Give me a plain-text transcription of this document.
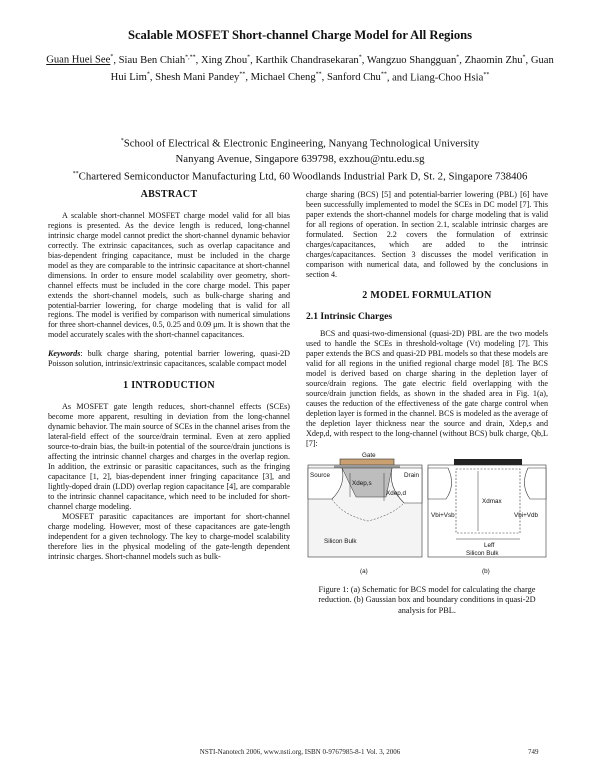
Scalable MOSFET Short-channel Charge Model for All Regions
Guan Huei See*, Siau Ben Chiah*,**, Xing Zhou*, Karthik Chandrasekaran*, Wangzuo Shangguan*, Zhaomin Zhu*, Guan Hui Lim*, Shesh Mani Pandey**, Michael Cheng**, Sanford Chu**, and Liang-Choo Hsia**
*School of Electrical & Electronic Engineering, Nanyang Technological University
Nanyang Avenue, Singapore 639798, exzhou@ntu.edu.sg
**Chartered Semiconductor Manufacturing Ltd, 60 Woodlands Industrial Park D, St. 2, Singapore 738406
ABSTRACT

A scalable short-channel MOSFET charge model valid for all bias regions is presented. As the device length is reduced, long-channel intrinsic charge model cannot predict the short-channel dynamic behavior correctly. The extrinsic capacitances, such as overlap capacitance and bias-dependent fringing capacitance, must be included in the charge model as they are comparable to the intrinsic capacitance at short-channel dimensions. In order to ensure model scalability over geometry, short-channel effects must be included in the core charge model. This paper extends the short-channel models, such as bulk-charge sharing and potential-barrier lowering, for charge modeling that is valid for all regions. The model is verified by comparison with numerical simulations for three short-channel devices, 0.5, 0.25 and 0.09 μm. It is shown that the model accurately scales with the short-channel capacitances.

Keywords: bulk charge sharing, potential barrier lowering, quasi-2D Poisson solution, intrinsic/extrinsic capacitances, scalable compact model

1 INTRODUCTION

As MOSFET gate length reduces, short-channel effects (SCEs) become more apparent, resulting in deviation from the long-channel dynamic behavior. The main source of SCEs in the channel arises from the lateral-field effect of the source/drain terminal. Even at zero applied source-to-drain bias, the built-in potential of the source/drain junctions is affecting the intrinsic channel charges and charges in the overlap region. In addition, the extrinsic or parasitic capacitances, such as the fringing capacitance [1, 2], bias-dependent inner fringing capacitance [3], and lightly-doped drain (LDD) overlap region capacitance [4], are comparable to the intrinsic channel capacitance, which need to be included for short-channel charge modeling.

MOSFET parasitic capacitances are important for short-channel charge modeling. However, most of these capacitances are gate-length independent for a given technology. The key to charge-model scalability therefore lies in the physical modeling of the gate-length dependent intrinsic charges. Short-channel models such as bulk-

charge sharing (BCS) [5] and potential-barrier lowering (PBL) [6] have been successfully implemented to model the SCEs in DC model [7]. This paper extends the short-channel models for charge modeling that is valid for all regions of operation. In section 2.1, scalable intrinsic charges are formulated. Section 2.2 covers the formulation of extrinsic charges/capacitances, which are added to the intrinsic charges/capacitances. Section 3 discusses the model verification in comparison with numerical data, and followed by the conclusions in section 4.

2 MODEL FORMULATION
2.1 Intrinsic Charges

BCS and quasi-two-dimensional (quasi-2D) PBL are the two models used to handle the SCEs in threshold-voltage (Vt) modeling [7]. This paper extends the BCS and quasi-2D PBL models so that these models are valid for all regions in the unified regional charge model [8]. The BCS model is derived based on charge sharing in the depletion layer of source/drain regions. The gate electric field overlapping with the source/drain junction fields, as shown in the shaded area in Fig. 1(a), causes the reduction of the effectiveness of the gate charge control when depletion layer is formed in the channel. BCS is modeled as the average of the depletion layer thickness near the source and drain, Xdep,s and Xdep,d, with respect to the long-channel (without BCS) bulk charge, Qb,L [7]:

Gate
Source	Drain
Xdep,s
Xdep,d
Silicon Bulk
(a)
Xdmax
Leff
Vbi+Vsb	Vbi+Vdb
Silicon Bulk
(b)
Figure 1: (a) Schematic for BCS model for calculating the charge reduction. (b) Gaussian box and boundary conditions in quasi-2D analysis for PBL.
NSTI-Nanotech 2006, www.nsti.org, ISBN 0-9767985-8-1 Vol. 3, 2006	749
